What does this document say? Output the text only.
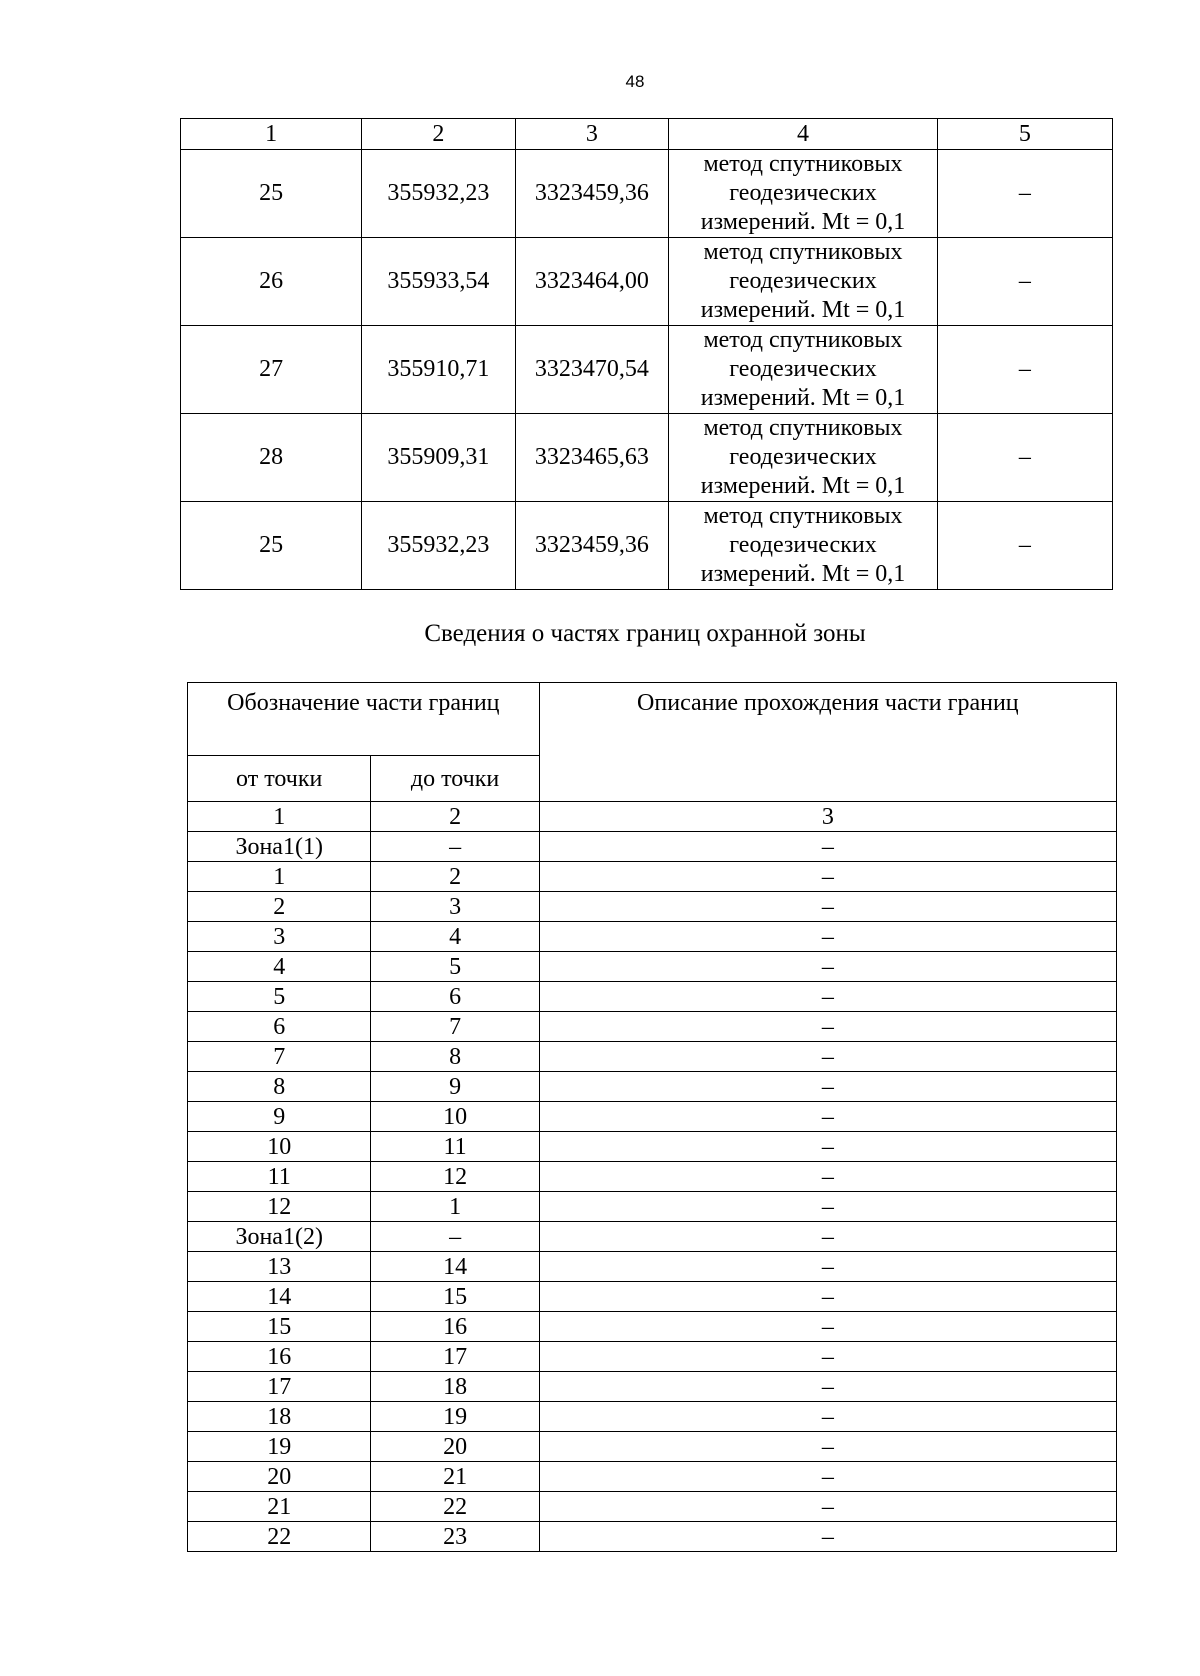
48
1	2	3	4	5
25	355932,23	3323459,36	метод спутниковых
геодезических
измерений. Mt = 0,1	–
26	355933,54	3323464,00	метод спутниковых
геодезических
измерений. Mt = 0,1	–
27	355910,71	3323470,54	метод спутниковых
геодезических
измерений. Mt = 0,1	–
28	355909,31	3323465,63	метод спутниковых
геодезических
измерений. Mt = 0,1	–
25	355932,23	3323459,36	метод спутниковых
геодезических
измерений. Mt = 0,1	–
Сведения о частях границ охранной зоны
Обозначение части границ		Описание прохождения части границ
от точки	до точки	
1	2	3
Зона1(1)	–	–
1	2	–
2	3	–
3	4	–
4	5	–
5	6	–
6	7	–
7	8	–
8	9	–
9	10	–
10	11	–
11	12	–
12	1	–
Зона1(2)	–	–
13	14	–
14	15	–
15	16	–
16	17	–
17	18	–
18	19	–
19	20	–
20	21	–
21	22	–
22	23	–
